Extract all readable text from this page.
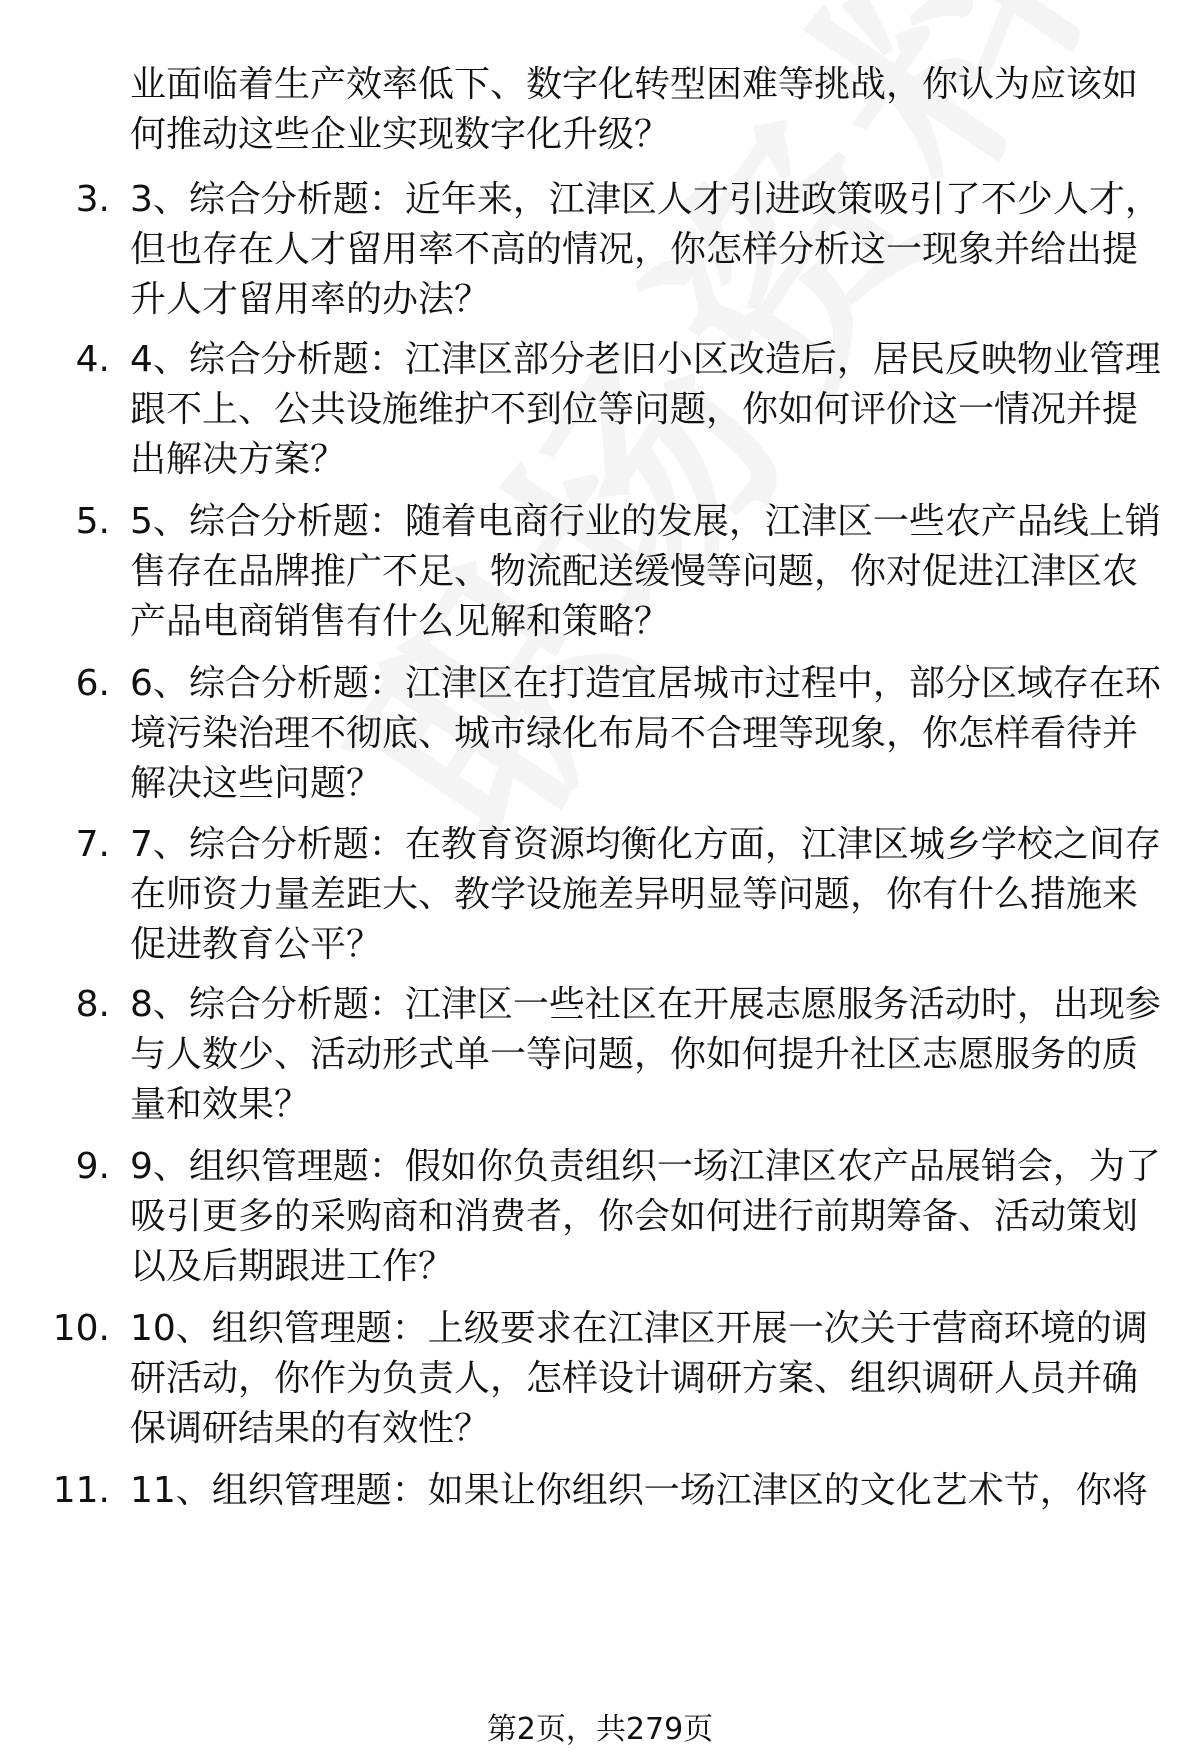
业面临着生产效率低下、数字化转型困难等挑战，你认为应该如
何推动这些企业实现数字化升级？
3. 3、综合分析题：近年来，江津区人才引进政策吸引了不少人才，
但也存在人才留用率不高的情况，你怎样分析这一现象并给出提
升人才留用率的办法？
4. 4、综合分析题：江津区部分老旧小区改造后，居民反映物业管理
跟不上、公共设施维护不到位等问题，你如何评价这一情况并提
出解决方案？
5. 5、综合分析题：随着电商行业的发展，江津区一些农产品线上销
售存在品牌推广不足、物流配送缓慢等问题，你对促进江津区农
产品电商销售有什么见解和策略？
6. 6、综合分析题：江津区在打造宜居城市过程中，部分区域存在环
境污染治理不彻底、城市绿化布局不合理等现象，你怎样看待并
解决这些问题？
7. 7、综合分析题：在教育资源均衡化方面，江津区城乡学校之间存
在师资力量差距大、教学设施差异明显等问题，你有什么措施来
促进教育公平？
8. 8、综合分析题：江津区一些社区在开展志愿服务活动时，出现参
与人数少、活动形式单一等问题，你如何提升社区志愿服务的质
量和效果？
9. 9、组织管理题：假如你负责组织一场江津区农产品展销会，为了
吸引更多的采购商和消费者，你会如何进行前期筹备、活动策划
以及后期跟进工作？
10. 10、组织管理题：上级要求在江津区开展一次关于营商环境的调
研活动，你作为负责人，怎样设计调研方案、组织调研人员并确
保调研结果的有效性？
11. 11、组织管理题：如果让你组织一场江津区的文化艺术节，你将
第2页，共279页
